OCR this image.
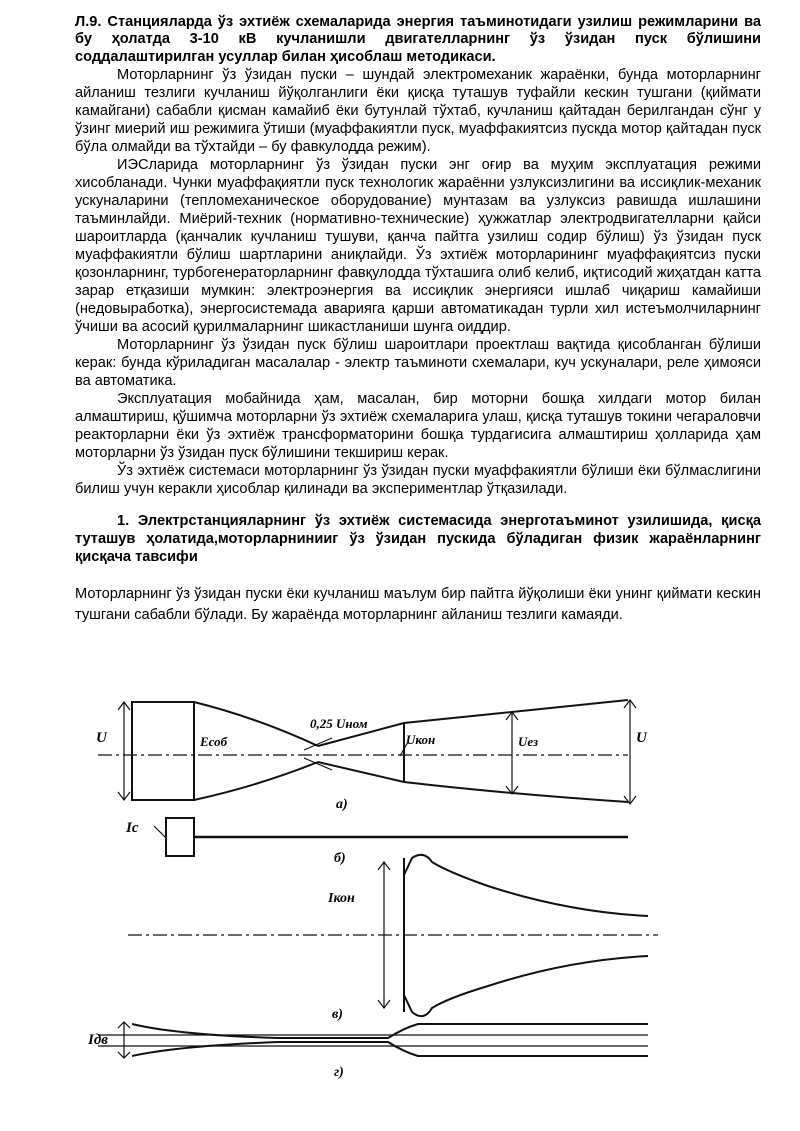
Л.9. Станцияларда ўз эхтиёж схемаларида энергия таъминотидаги узилиш режимларини ва бу ҳолатда 3-10 кВ кучланишли двигателларнинг ўз ўзидан пуск бўлишини соддалаштирилган усуллар билан ҳисоблаш методикаси.

Моторларнинг ўз ўзидан пуски – шундай электромеханик жараёнки, бунда моторларнинг айланиш тезлиги кучланиш йўқолганлиги ёки қисқа туташув туфайли кескин тушгани (қиймати камайгани) сабабли қисман камайиб ёки бутунлай тўхтаб, кучланиш қайтадан берилгандан сўнг у ўзинг миерий иш режимига ўтиши (муаффакиятли пуск, муаффакиятсиз пускда мотор қайтадан пуск бўла олмайди ва тўхтайди – бу фавкулодда режим).

ИЭСларида моторларнинг ўз ўзидан пуски энг оғир ва муҳим эксплуатация режими хисобланади. Чунки муаффақиятли пуск технологик жараённи узлуксизлигини ва иссиқлик-механик ускуналарини (тепломеханическое оборудование) мунтазам ва узлуксиз равишда ишлашини таъминлайди. Миёрий-техник (нормативно-технические) ҳужжатлар электродвигателларни қайси шароитларда (қанчалик кучланиш тушуви, қанча пайтга узилиш содир бўлиш) ўз ўзидан пуск муаффакиятли бўлиш шартларини аниқлайди. Ўз эхтиёж моторларининг муаффақиятсиз пуски қозонларнинг, турбогенераторларнинг фавқулодда тўхташига олиб келиб, иқтисодий жиҳатдан катта зарар етқазиши мумкин: электроэнергия ва иссиқлик энергияси ишлаб чиқариш камайиши (недовыработка), энергосистемада аварияга қарши автоматикадан турли хил истеъмолчиларнинг ўчиши ва асосий қурилмаларнинг шикастланиши шунга оиддир.

Моторларнинг ўз ўзидан пуск бўлиш шароитлари проектлаш вақтида қисобланган бўлиши керак: бунда кўриладиган масалалар - электр таъминоти схемалари, куч ускуналари, реле ҳимояси ва автоматика.

Эксплуатация мобайнида ҳам, масалан, бир моторни бошқа хилдаги мотор билан алмаштириш, қўшимча моторларни ўз эхтиёж схемаларига улаш, қисқа туташув токини чегараловчи реакторларни ёки ўз эхтиёж трансформаторини бошқа турдагисига алмаштириш ҳолларида ҳам моторларни ўз ўзидан пуск бўлишини текшириш керак.

Ўз эхтиёж системаси моторларнинг ўз ўзидан пуски муаффакиятли бўлиши ёки бўлмаслигини билиш учун керакли ҳисоблар қилинади ва экспериментлар ўтқазилади.

1. Электрстанцияларнинг ўз эхтиёж системасида энерготаъминот узилишида, қисқа туташув ҳолатида,моторларнинииг ўз ўзидан пускида бўладиган физик жараёнларнинг қисқача тавсифи

Моторларнинг ўз ўзидан пуски ёки кучланиш маълум бир пайтга йўқолиши ёки унинг қиймати кескин тушгани сабабли бўлади. Бу жараёнда моторларнинг айланиш тезлиги камаяди.

U	U
Eсоб
0,25 Uном
Uкон	Uез
а)
Iс
б)
Iкон
в)
Iдв
г)
